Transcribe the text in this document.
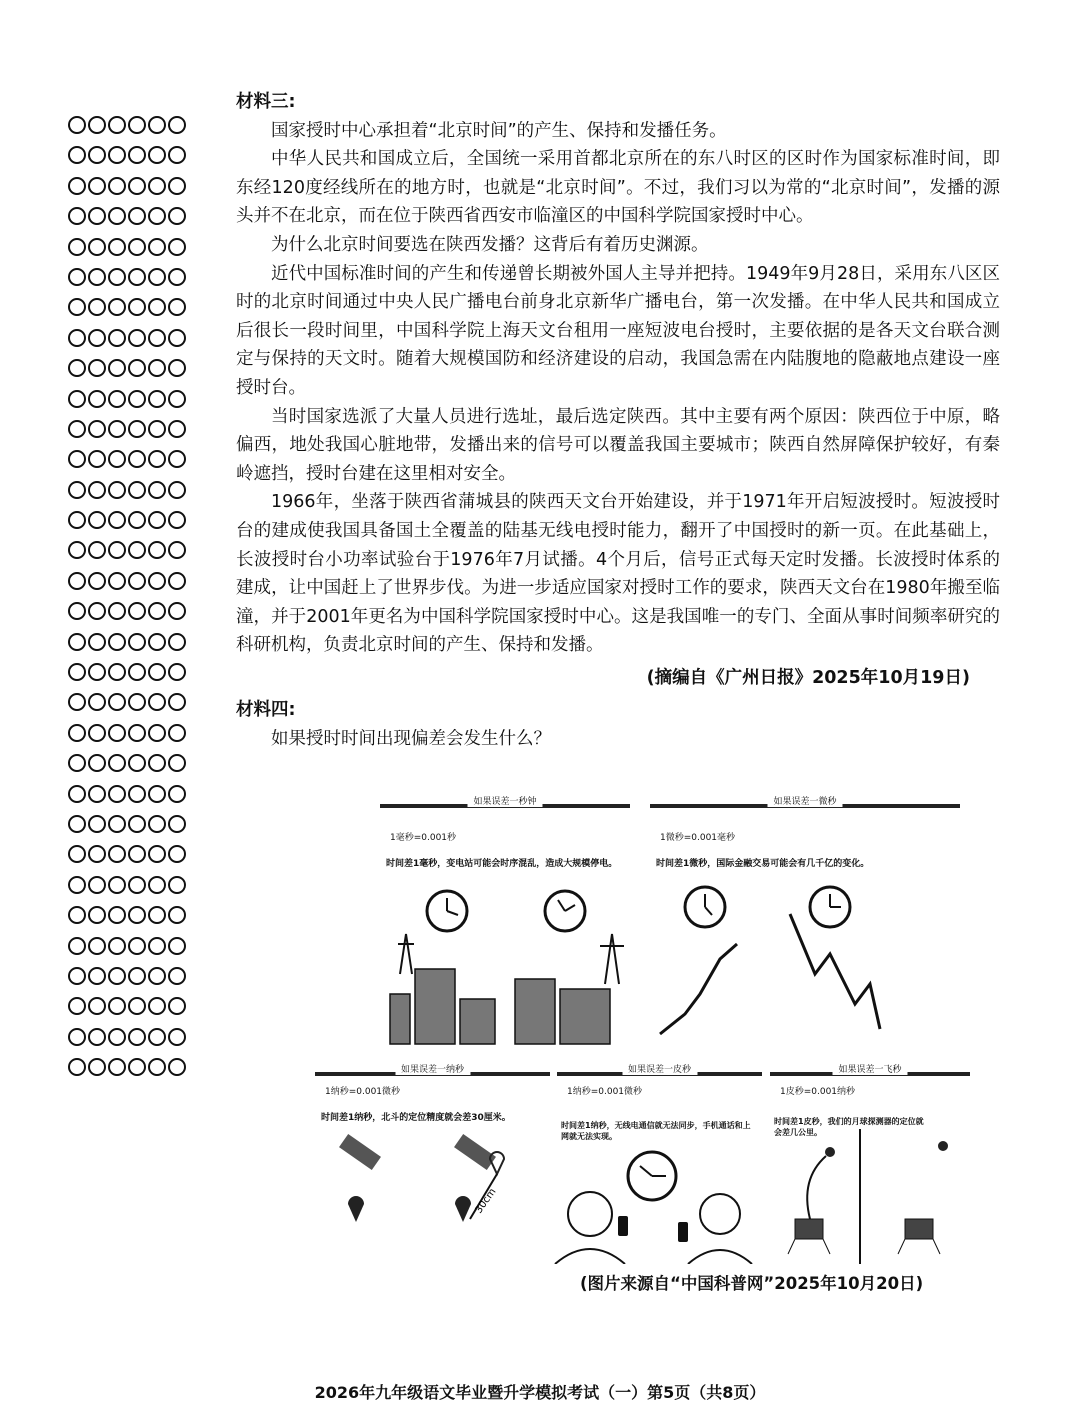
材料三:

国家授时中心承担着“北京时间”的产生、保持和发播任务。

中华人民共和国成立后，全国统一采用首都北京所在的东八时区的区时作为国家标准时间，即东经120度经线所在的地方时，也就是“北京时间”。不过，我们习以为常的“北京时间”，发播的源头并不在北京，而在位于陕西省西安市临潼区的中国科学院国家授时中心。

为什么北京时间要选在陕西发播？这背后有着历史渊源。

近代中国标准时间的产生和传递曾长期被外国人主导并把持。1949年9月28日，采用东八区区时的北京时间通过中央人民广播电台前身北京新华广播电台，第一次发播。在中华人民共和国成立后很长一段时间里，中国科学院上海天文台租用一座短波电台授时，主要依据的是各天文台联合测定与保持的天文时。随着大规模国防和经济建设的启动，我国急需在内陆腹地的隐蔽地点建设一座授时台。

当时国家选派了大量人员进行选址，最后选定陕西。其中主要有两个原因：陕西位于中原，略偏西，地处我国心脏地带，发播出来的信号可以覆盖我国主要城市；陕西自然屏障保护较好，有秦岭遮挡，授时台建在这里相对安全。

1966年，坐落于陕西省蒲城县的陕西天文台开始建设，并于1971年开启短波授时。短波授时台的建成使我国具备国土全覆盖的陆基无线电授时能力，翻开了中国授时的新一页。在此基础上，长波授时台小功率试验台于1976年7月试播。4个月后，信号正式每天定时发播。长波授时体系的建成，让中国赶上了世界步伐。为进一步适应国家对授时工作的要求，陕西天文台在1980年搬至临潼，并于2001年更名为中国科学院国家授时中心。这是我国唯一的专门、全面从事时间频率研究的科研机构，负责北京时间的产生、保持和发播。

(摘编自《广州日报》2025年10月19日)

材料四:

如果授时时间出现偏差会发生什么？

如果误差一秒钟
1毫秒=0.001秒
时间差1毫秒，变电站可能会时序混乱，造成大规模停电。
如果误差一微秒
1微秒=0.001毫秒
时间差1微秒，国际金融交易可能会有几千亿的变化。
如果误差一纳秒
1纳秒=0.001微秒
时间差1纳秒，北斗的定位精度就会差30厘米。
如果误差一皮秒
1纳秒=0.001微秒
时间差1纳秒，无线电通信就无法同步，手机通话和上网就无法实现。
如果误差一飞秒
1皮秒=0.001纳秒
时间差1皮秒，我们的月球探测器的定位就会差几公里。
30cm
(图片来源自“中国科普网”2025年10月20日)
2026年九年级语文毕业暨升学模拟考试（一）第5页（共8页）
